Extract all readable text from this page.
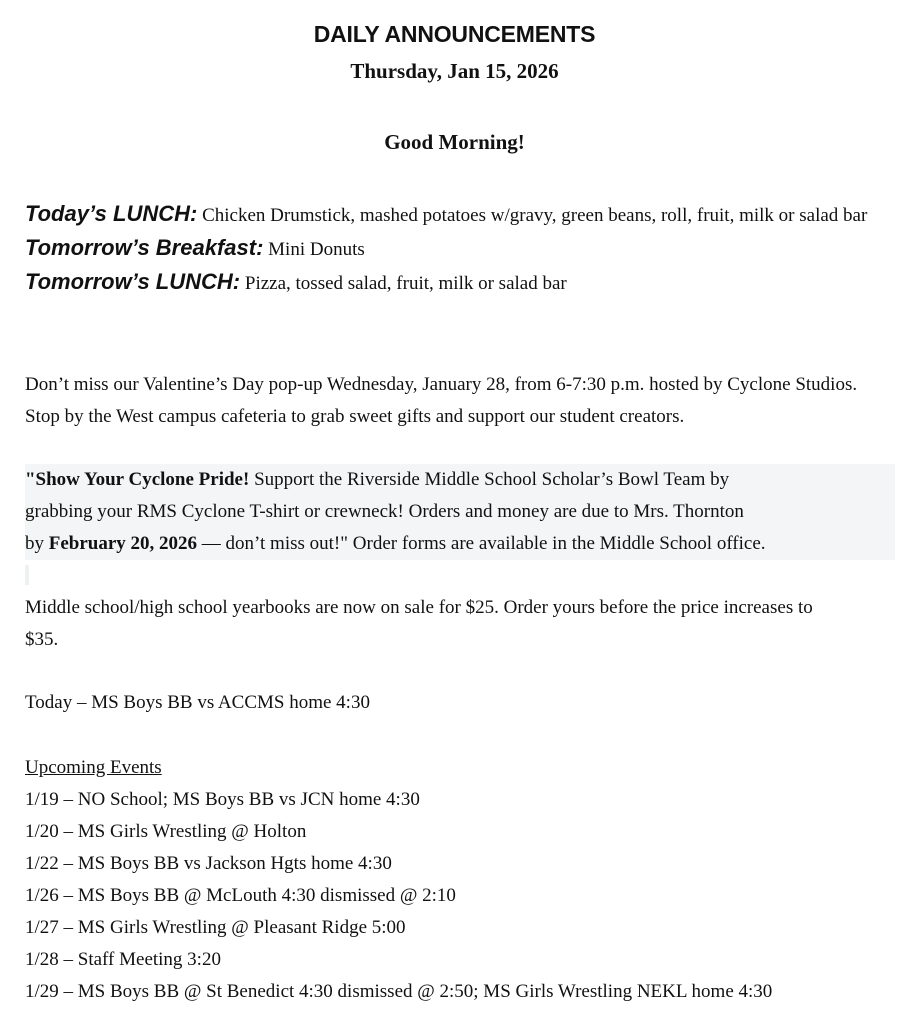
DAILY ANNOUNCEMENTS
Thursday, Jan 15, 2026
Good Morning!
Today’s LUNCH: Chicken Drumstick, mashed potatoes w/gravy, green beans, roll, fruit, milk or salad bar
Tomorrow’s Breakfast: Mini Donuts
Tomorrow’s LUNCH: Pizza, tossed salad, fruit, milk or salad bar
Don’t miss our Valentine’s Day pop-up Wednesday, January 28, from 6-7:30 p.m. hosted by Cyclone Studios. Stop by the West campus cafeteria to grab sweet gifts and support our student creators.
"Show Your Cyclone Pride! Support the Riverside Middle School Scholar’s Bowl Team by
grabbing your RMS Cyclone T-shirt or crewneck! Orders and money are due to Mrs. Thornton
by February 20, 2026 — don’t miss out!" Order forms are available in the Middle School office.
Middle school/high school yearbooks are now on sale for $25. Order yours before the price increases to $35.
Today – MS Boys BB vs ACCMS home 4:30
Upcoming Events
1/19 – NO School; MS Boys BB vs JCN home 4:30
1/20 – MS Girls Wrestling @ Holton
1/22 – MS Boys BB vs Jackson Hgts home 4:30
1/26 – MS Boys BB @ McLouth 4:30 dismissed @ 2:10
1/27 – MS Girls Wrestling @ Pleasant Ridge 5:00
1/28 – Staff Meeting 3:20
1/29 – MS Boys BB @ St Benedict 4:30 dismissed @ 2:50; MS Girls Wrestling NEKL home 4:30
